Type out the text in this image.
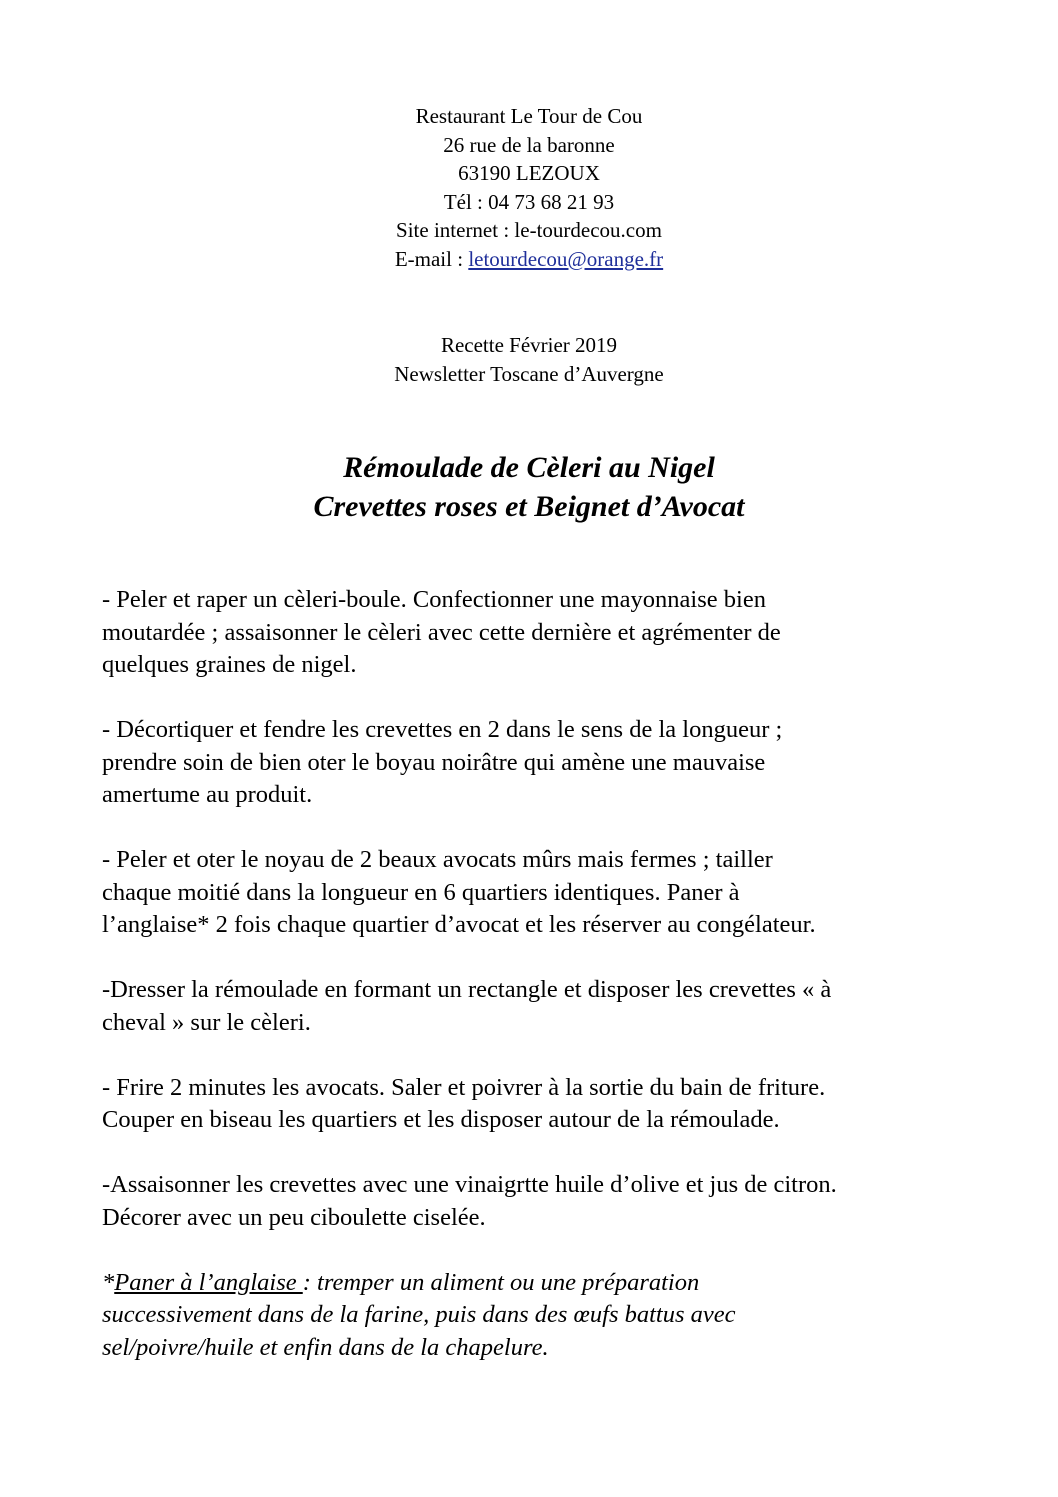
Restaurant Le Tour de Cou
26 rue de la baronne
63190 LEZOUX
Tél : 04 73 68 21 93
Site internet : le-tourdecou.com
E-mail : letourdecou@orange.fr
Recette Février 2019
Newsletter Toscane d’Auvergne
Rémoulade de Cèleri au Nigel
Crevettes roses et Beignet d’Avocat

- Peler et raper un cèleri-boule. Confectionner une mayonnaise bien
moutardée ; assaisonner le cèleri avec cette dernière et agrémenter de
quelques graines de nigel.

- Décortiquer et fendre les crevettes en 2 dans le sens de la longueur ;
prendre soin de bien oter le boyau noirâtre qui amène une mauvaise
amertume au produit.

- Peler et oter le noyau de 2 beaux avocats mûrs mais fermes ; tailler
chaque moitié dans la longueur en 6 quartiers identiques. Paner à
l’anglaise* 2 fois chaque quartier d’avocat et les réserver au congélateur.

-Dresser la rémoulade en formant un rectangle et disposer les crevettes « à
cheval » sur le cèleri.

- Frire 2 minutes les avocats. Saler et poivrer à la sortie du bain de friture.
Couper en biseau les quartiers et les disposer autour de la rémoulade.

-Assaisonner les crevettes avec une vinaigrtte huile d’olive et jus de citron.
Décorer avec un peu ciboulette ciselée.

*Paner à l’anglaise : tremper un aliment ou une préparation
successivement dans de la farine, puis dans des œufs battus avec
sel/poivre/huile et enfin dans de la chapelure.
